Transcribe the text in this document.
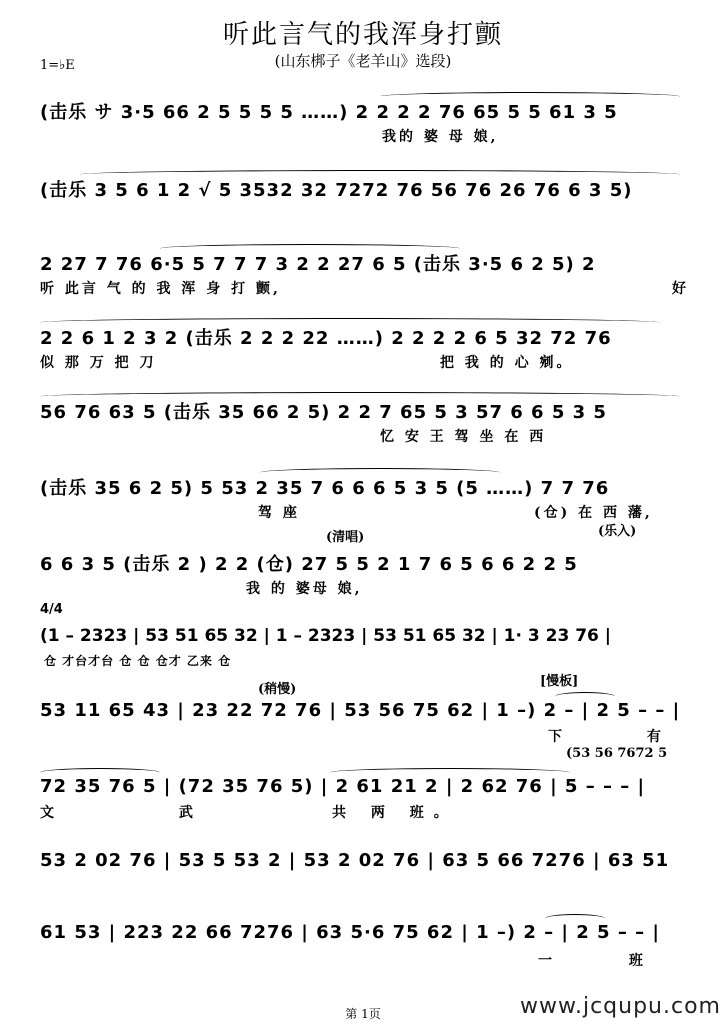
听此言气的我浑身打颤
(山东梆子《老羊山》选段)
1=♭E
(击乐 サ 3·5 66 2 5 5 5 5 ……) 2 2 2 2 76 65 5 5 61 3 5
我的 婆 母 娘,
(击乐 3 5 6 1 2 √ 5 3532 32 7272 76 56 76 26 76 6 3 5)
2 27 7 76 6·5 5 7 7 7 3 2 2 27 6 5 (击乐 3·5 6 2 5) 2
听 此言 气 的 我 浑 身 打 颤,	好
2 2 6 1 2 3 2 (击乐 2 2 2 22 ……) 2 2 2 2 6 5 32 72 76
似 那 万 把 刀	把 我 的 心 剜。
56 76 63 5 (击乐 35 66 2 5) 2 2 7 65 5 3 57 6 6 5 3 5
忆 安 王 驾 坐 在 西
(击乐 35 6 2 5) 5 53 2 35 7 6 6 6 5 3 5 (5 ……) 7 7 76
驾 座	(仓) 在 西 藩,
(乐入)
6 6 3 5 (击乐 2 ) 2 2 (仓) 27 5 5 2 1 7 6 5 6 6 2 2 5
(清唱)
我 的 婆母 娘,
4/4
(1 – 2323 | 53 51 65 32 | 1 – 2323 | 53 51 65 32 | 1· 3 23 76 |
仓 才台才台 仓 仓 仓才 乙来 仓
(稍慢)
[慢板]
53 11 65 43 | 23 22 72 76 | 53 56 75 62 | 1 –) 2 – | 2 5 – – |
下 有
(53 56 7672 5
72 35 76 5 | (72 35 76 5) | 2 61 21 2 | 2 62 76 | 5 – – – |
文 武	共 两 班。
53 2 02 76 | 53 5 53 2 | 53 2 02 76 | 63 5 66 7276 | 63 51
61 53 | 223 22 66 7276 | 63 5·6 75 62 | 1 –) 2 – | 2 5 – – |
一 班
第 1页	www.jcqupu.com
